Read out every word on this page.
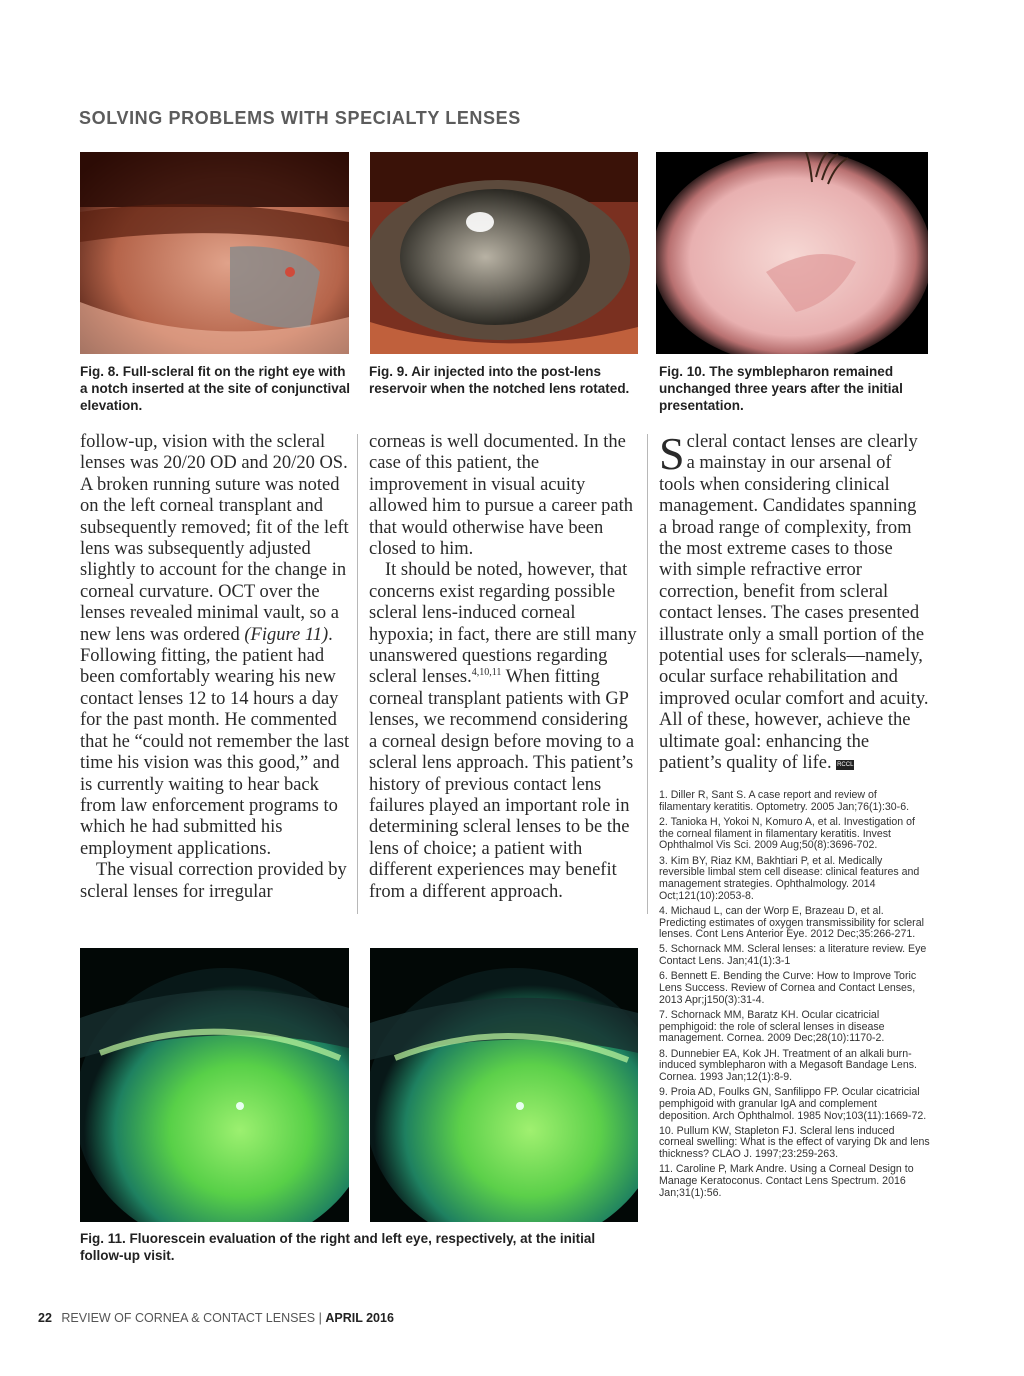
SOLVING PROBLEMS WITH SPECIALTY LENSES
Fig. 8. Full-scleral fit on the right eye with a notch inserted at the site of conjunctival elevation.
Fig. 9. Air injected into the post-lens reservoir when the notched lens rotated.
Fig. 10. The symblepharon remained unchanged three years after the initial presentation.

follow-up, vision with the scleral lenses was 20/20 OD and 20/20 OS. A broken running suture was noted on the left corneal transplant and subsequently removed; fit of the left lens was subsequently adjusted slightly to account for the change in corneal curvature. OCT over the lenses revealed minimal vault, so a new lens was ordered (Figure 11). Following fitting, the patient had been comfortably wearing his new contact lenses 12 to 14 hours a day for the past month. He commented that he “could not remember the last time his vision was this good,” and is currently waiting to hear back from law enforcement programs to which he had submitted his employment applications.

The visual correction provided by scleral lenses for irregular

corneas is well documented. In the case of this patient, the improvement in visual acuity allowed him to pursue a career path that would otherwise have been closed to him.

It should be noted, however, that concerns exist regarding possible scleral lens-induced corneal hypoxia; in fact, there are still many unanswered questions regarding scleral lenses.$^{4,10,11}$ When fitting corneal transplant patients with GP lenses, we recommend considering a corneal design before moving to a scleral lens approach. This patient’s history of previous contact lens failures played an important role in determining scleral lenses to be the lens of choice; a patient with different experiences may benefit from a different approach.

Scleral contact lenses are clearly a mainstay in our arsenal of tools when considering clinical management. Candidates spanning a broad range of complexity, from the most extreme cases to those with simple refractive error correction, benefit from scleral contact lenses. The cases presented illustrate only a small portion of the potential uses for sclerals—namely, ocular surface rehabilitation and improved ocular comfort and acuity. All of these, however, achieve the ultimate goal: enhancing the patient’s quality of life. RCCL

1. Diller R, Sant S. A case report and review of filamentary keratitis. Optometry. 2005 Jan;76(1):30-6.
2. Tanioka H, Yokoi N, Komuro A, et al. Investigation of the corneal filament in filamentary keratitis. Invest Ophthalmol Vis Sci. 2009 Aug;50(8):3696-702.
3. Kim BY, Riaz KM, Bakhtiari P, et al. Medically reversible limbal stem cell disease: clinical features and management strategies. Ophthalmology. 2014 Oct;121(10):2053-8.
4. Michaud L, can der Worp E, Brazeau D, et al. Predicting estimates of oxygen transmissibility for scleral lenses. Cont Lens Anterior Eye. 2012 Dec;35:266-271.
5. Schornack MM. Scleral lenses: a literature review. Eye Contact Lens. Jan;41(1):3-1
6. Bennett E. Bending the Curve: How to Improve Toric Lens Success. Review of Cornea and Contact Lenses, 2013 Apr;j150(3):31-4.
7. Schornack MM, Baratz KH. Ocular cicatricial pemphigoid: the role of scleral lenses in disease management. Cornea. 2009 Dec;28(10):1170-2.
8. Dunnebier EA, Kok JH. Treatment of an alkali burn-induced symblepharon with a Megasoft Bandage Lens. Cornea. 1993 Jan;12(1):8-9.
9. Proia AD, Foulks GN, Sanfilippo FP. Ocular cicatricial pemphigoid with granular IgA and complement deposition. Arch Ophthalmol. 1985 Nov;103(11):1669-72.
10. Pullum KW, Stapleton FJ. Scleral lens induced corneal swelling: What is the effect of varying Dk and lens thickness? CLAO J. 1997;23:259-263.
11. Caroline P, Mark Andre. Using a Corneal Design to Manage Keratoconus. Contact Lens Spectrum. 2016 Jan;31(1):56.
Fig. 11. Fluorescein evaluation of the right and left eye, respectively, at the initial follow-up visit.
22 REVIEW OF CORNEA & CONTACT LENSES | APRIL 2016
